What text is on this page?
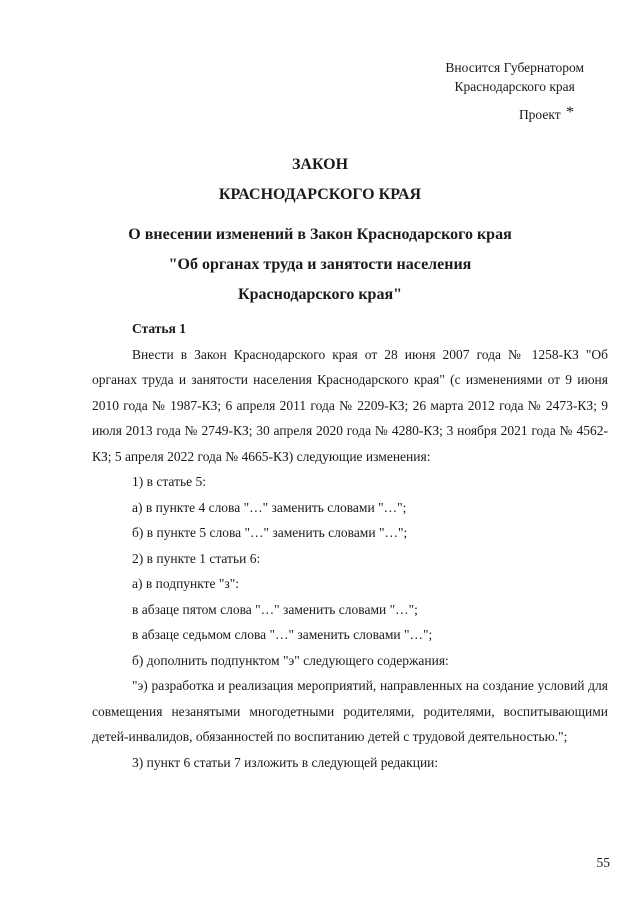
Вносится Губернатором
Краснодарского края
Проект *
ЗАКОН
КРАСНОДАРСКОГО КРАЯ
О внесении изменений в Закон Краснодарского края
"Об органах труда и занятости населения
Краснодарского края"

Статья 1

Внести в Закон Краснодарского края от 28 июня 2007 года № 1258-КЗ "Об органах труда и занятости населения Краснодарского края" (с изменениями от 9 июня 2010 года № 1987-КЗ; 6 апреля 2011 года № 2209-КЗ; 26 марта 2012 года № 2473-КЗ; 9 июля 2013 года № 2749-КЗ; 30 апреля 2020 года № 4280-КЗ; 3 ноября 2021 года № 4562-КЗ; 5 апреля 2022 года № 4665-КЗ) следующие изменения:

1) в статье 5:

а) в пункте 4 слова "…" заменить словами "…";

б) в пункте 5 слова "…" заменить словами "…";

2) в пункте 1 статьи 6:

а) в подпункте "з":

в абзаце пятом слова "…" заменить словами "…";

в абзаце седьмом слова "…" заменить словами "…";

б) дополнить подпунктом "э" следующего содержания:

"э) разработка и реализация мероприятий, направленных на создание условий для совмещения незанятыми многодетными родителями, родителями, воспитывающими детей-инвалидов, обязанностей по воспитанию детей с трудовой деятельностью.";

3) пункт 6 статьи 7 изложить в следующей редакции:

55
